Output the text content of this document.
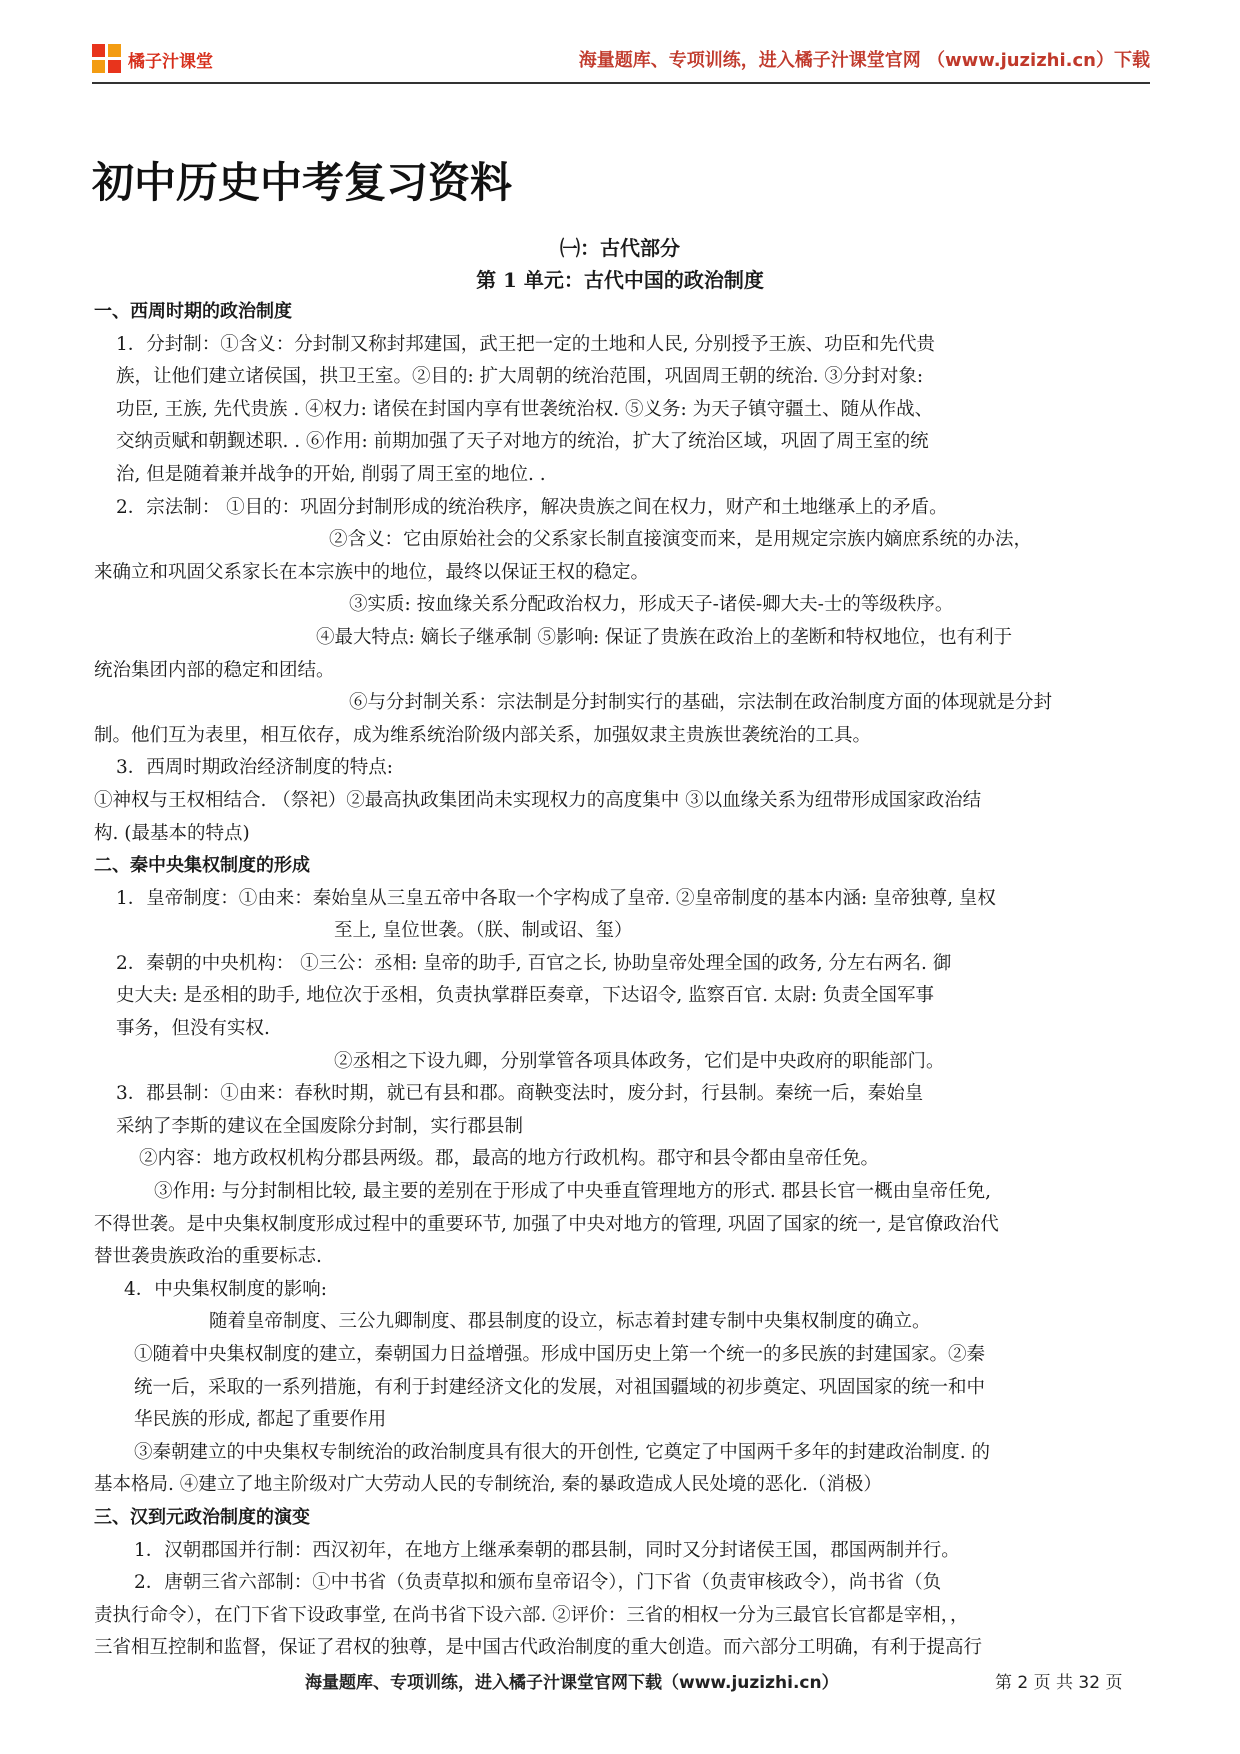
橘子汁课堂	海量题库、专项训练，进入橘子汁课堂官网 （www.juzizhi.cn）下载
初中历史中考复习资料
㈠：古代部分
第 1 单元：古代中国的政治制度

一、西周时期的政治制度

1．分封制：①含义：分封制又称封邦建国，武王把一定的土地和人民, 分别授予王族、功臣和先代贵

族，让他们建立诸侯国，拱卫王室。②目的: 扩大周朝的统治范围，巩固周王朝的统治. ③分封对象:

功臣, 王族, 先代贵族 . ④权力: 诸侯在封国内享有世袭统治权. ⑤义务: 为天子镇守疆土、随从作战、

交纳贡赋和朝觐述职. . ⑥作用: 前期加强了天子对地方的统治，扩大了统治区域，巩固了周王室的统

治, 但是随着兼并战争的开始, 削弱了周王室的地位. .

2．宗法制： ①目的：巩固分封制形成的统治秩序，解决贵族之间在权力，财产和土地继承上的矛盾。

②含义：它由原始社会的父系家长制直接演变而来，是用规定宗族内嫡庶系统的办法，

来确立和巩固父系家长在本宗族中的地位，最终以保证王权的稳定。

③实质: 按血缘关系分配政治权力，形成天子-诸侯-卿大夫-士的等级秩序。

④最大特点: 嫡长子继承制 ⑤影响: 保证了贵族在政治上的垄断和特权地位，也有利于

统治集团内部的稳定和团结。

⑥与分封制关系：宗法制是分封制实行的基础，宗法制在政治制度方面的体现就是分封

制。他们互为表里，相互依存，成为维系统治阶级内部关系，加强奴隶主贵族世袭统治的工具。

3．西周时期政治经济制度的特点:

①神权与王权相结合. （祭祀）②最高执政集团尚未实现权力的高度集中 ③以血缘关系为纽带形成国家政治结

构. (最基本的特点)

二、秦中央集权制度的形成

1．皇帝制度：①由来：秦始皇从三皇五帝中各取一个字构成了皇帝. ②皇帝制度的基本内涵: 皇帝独尊, 皇权

至上, 皇位世袭。（朕、制或诏、玺）

2．秦朝的中央机构： ①三公：丞相: 皇帝的助手, 百官之长, 协助皇帝处理全国的政务, 分左右两名. 御

史大夫: 是丞相的助手, 地位次于丞相，负责执掌群臣奏章，下达诏令, 监察百官. 太尉: 负责全国军事

事务，但没有实权.

②丞相之下设九卿，分别掌管各项具体政务，它们是中央政府的职能部门。

3．郡县制：①由来：春秋时期，就已有县和郡。商鞅变法时，废分封，行县制。秦统一后，秦始皇

采纳了李斯的建议在全国废除分封制，实行郡县制

②内容：地方政权机构分郡县两级。郡，最高的地方行政机构。郡守和县令都由皇帝任免。

③作用: 与分封制相比较, 最主要的差别在于形成了中央垂直管理地方的形式. 郡县长官一概由皇帝任免,

不得世袭。是中央集权制度形成过程中的重要环节, 加强了中央对地方的管理, 巩固了国家的统一, 是官僚政治代

替世袭贵族政治的重要标志.

4．中央集权制度的影响:

随着皇帝制度、三公九卿制度、郡县制度的设立，标志着封建专制中央集权制度的确立。

①随着中央集权制度的建立，秦朝国力日益增强。形成中国历史上第一个统一的多民族的封建国家。②秦

统一后，采取的一系列措施，有利于封建经济文化的发展，对祖国疆域的初步奠定、巩固国家的统一和中

华民族的形成, 都起了重要作用

③秦朝建立的中央集权专制统治的政治制度具有很大的开创性, 它奠定了中国两千多年的封建政治制度. 的

基本格局. ④建立了地主阶级对广大劳动人民的专制统治, 秦的暴政造成人民处境的恶化.（消极）

三、汉到元政治制度的演变

1．汉朝郡国并行制：西汉初年，在地方上继承秦朝的郡县制，同时又分封诸侯王国，郡国两制并行。

2．唐朝三省六部制：①中书省（负责草拟和颁布皇帝诏令），门下省（负责审核政令），尚书省（负

责执行命令），在门下省下设政事堂, 在尚书省下设六部. ②评价：三省的相权一分为三最官长官都是宰相，，

三省相互控制和监督，保证了君权的独尊，是中国古代政治制度的重大创造。而六部分工明确，有利于提高行

海量题库、专项训练，进入橘子汁课堂官网下载（www.juzizhi.cn）	第 2 页 共 32 页
